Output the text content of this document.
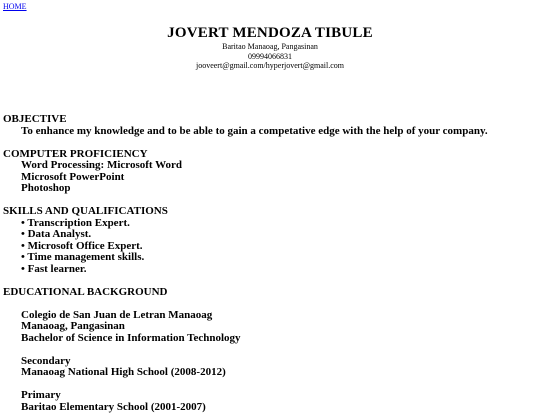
HOME
JOVERT MENDOZA TIBULE
Baritao Manaoag, Pangasinan
09994066831
jooveert@gmail.com/hyperjovert@gmail.com
OBJECTIVE
To enhance my knowledge and to be able to gain a competative edge with the help of your company.
COMPUTER PROFICIENCY
Word Processing: Microsoft Word
Microsoft PowerPoint
Photoshop
SKILLS AND QUALIFICATIONS
• Transcription Expert.
• Data Analyst.
• Microsoft Office Expert.
• Time management skills.
• Fast learner.
EDUCATIONAL BACKGROUND
Colegio de San Juan de Letran Manaoag
Manaoag, Pangasinan
Bachelor of Science in Information Technology
Secondary
Manaoag National High School (2008-2012)
Primary
Baritao Elementary School (2001-2007)
